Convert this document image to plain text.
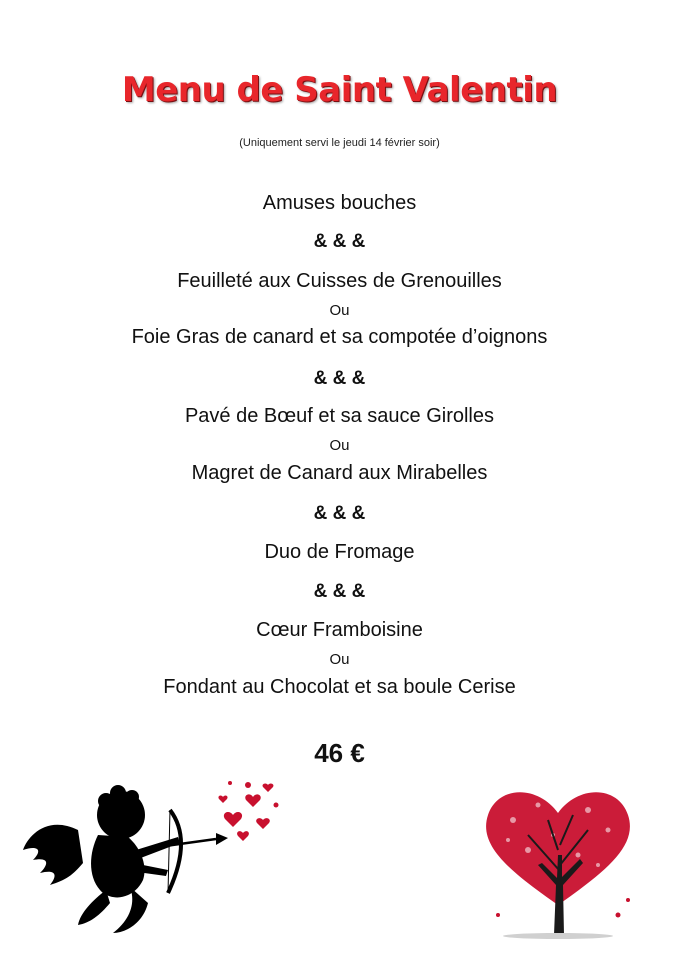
Menu de Saint Valentin
(Uniquement servi le jeudi 14 février soir)
Amuses bouches
& & &
Feuilleté aux Cuisses de Grenouilles
Ou
Foie Gras de canard et sa compotée d’oignons
& & &
Pavé de Bœuf et sa sauce Girolles
Ou
Magret de Canard aux Mirabelles
& & &
Duo de Fromage
& & &
Cœur Framboisine
Ou
Fondant au Chocolat et sa boule Cerise
46 €
